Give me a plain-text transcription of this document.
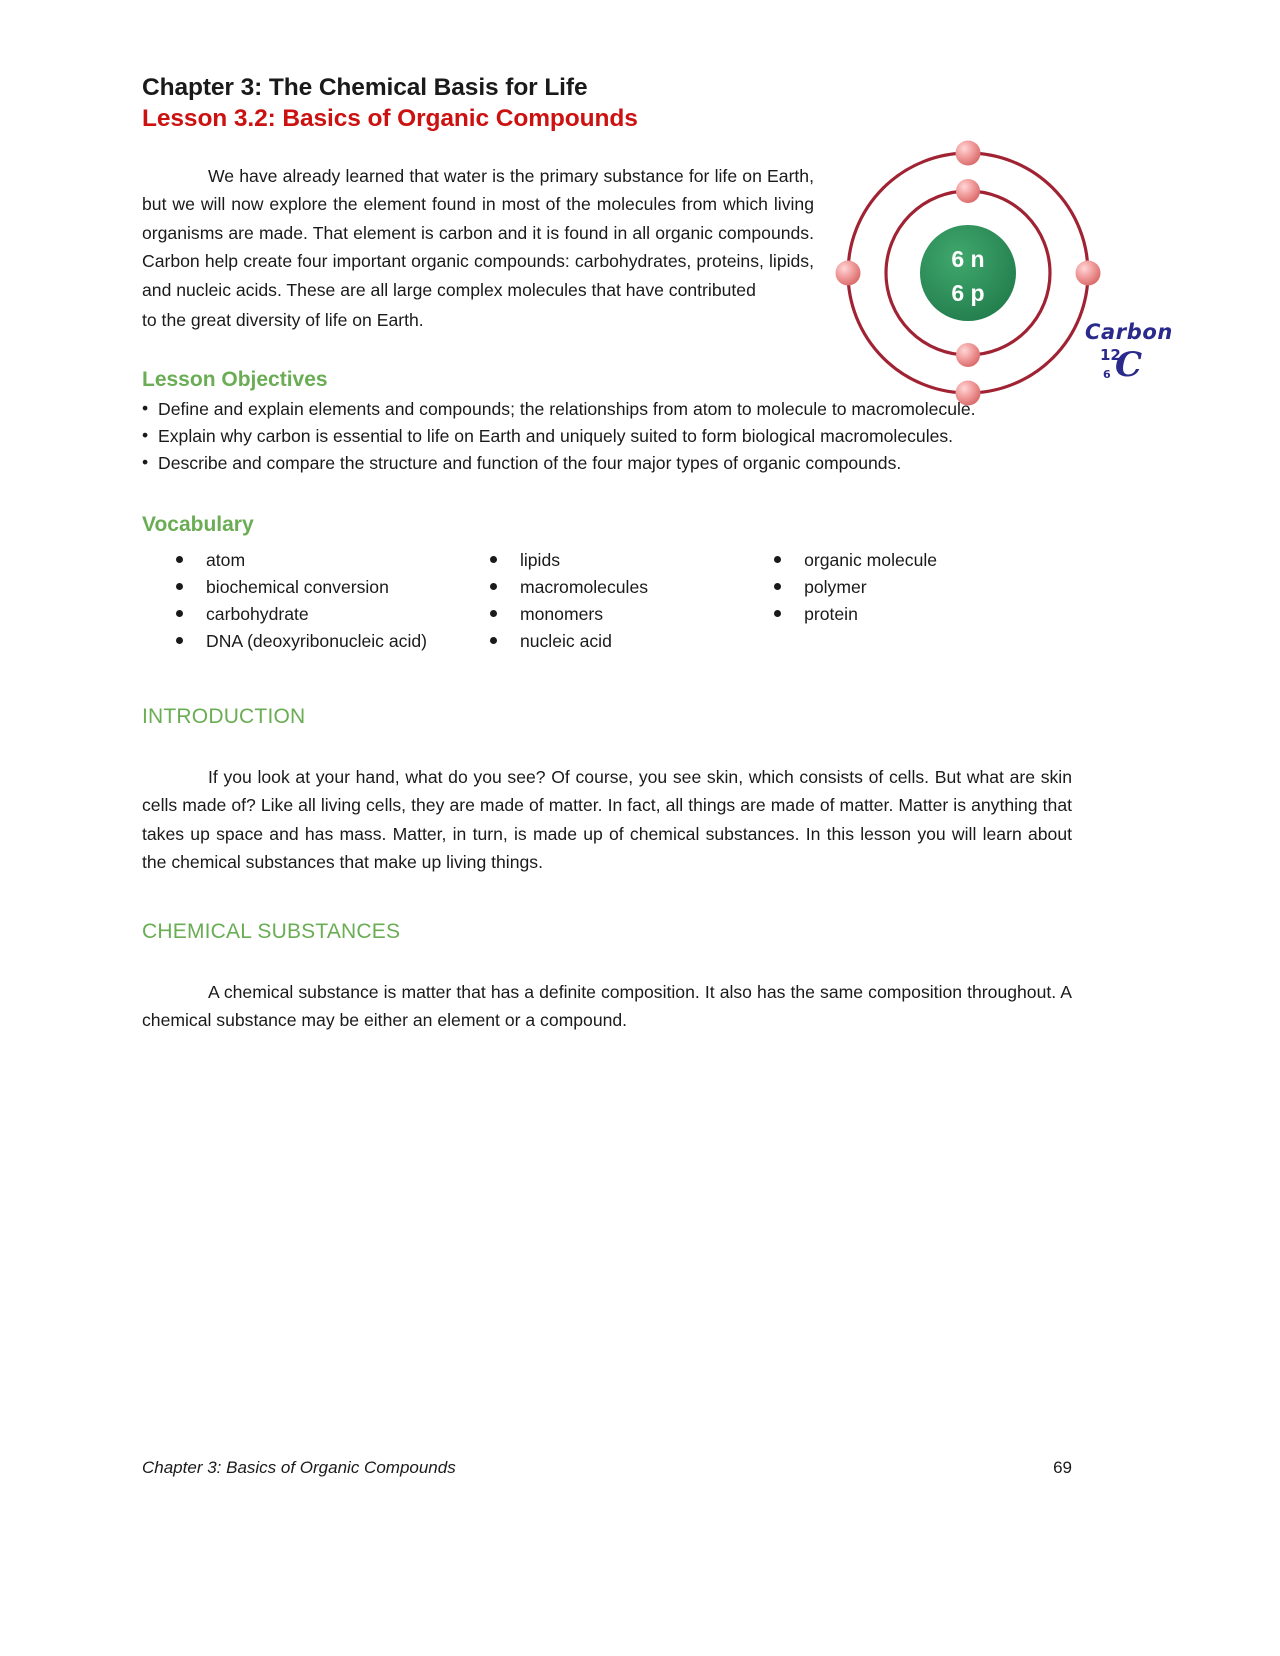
6 n
6 p
Carbon
12
6 C
Chapter 3: The Chemical Basis for Life
Lesson 3.2: Basics of Organic Compounds

We have already learned that water is the primary substance for life on Earth, but we will now explore the element found in most of the molecules from which living organisms are made. That element is carbon and it is found in all organic compounds. Carbon help create four important organic compounds: carbohydrates, proteins, lipids, and nucleic acids. These are all large complex molecules that have contributed

to the great diversity of life on Earth.

Lesson Objectives
• Define and explain elements and compounds; the relationships from atom to molecule to macromolecule.
• Explain why carbon is essential to life on Earth and uniquely suited to form biological macromolecules.
• Describe and compare the structure and function of the four major types of organic compounds.
Vocabulary
atom
biochemical conversion
carbohydrate
DNA (deoxyribonucleic acid)
lipids
macromolecules
monomers
nucleic acid
organic molecule
polymer
protein
INTRODUCTION

If you look at your hand, what do you see? Of course, you see skin, which consists of cells. But what are skin cells made of? Like all living cells, they are made of matter. In fact, all things are made of matter. Matter is anything that takes up space and has mass. Matter, in turn, is made up of chemical substances. In this lesson you will learn about the chemical substances that make up living things.

CHEMICAL SUBSTANCES

A chemical substance is matter that has a definite composition. It also has the same composition throughout. A chemical substance may be either an element or a compound.

Chapter 3: Basics of Organic Compounds	69
